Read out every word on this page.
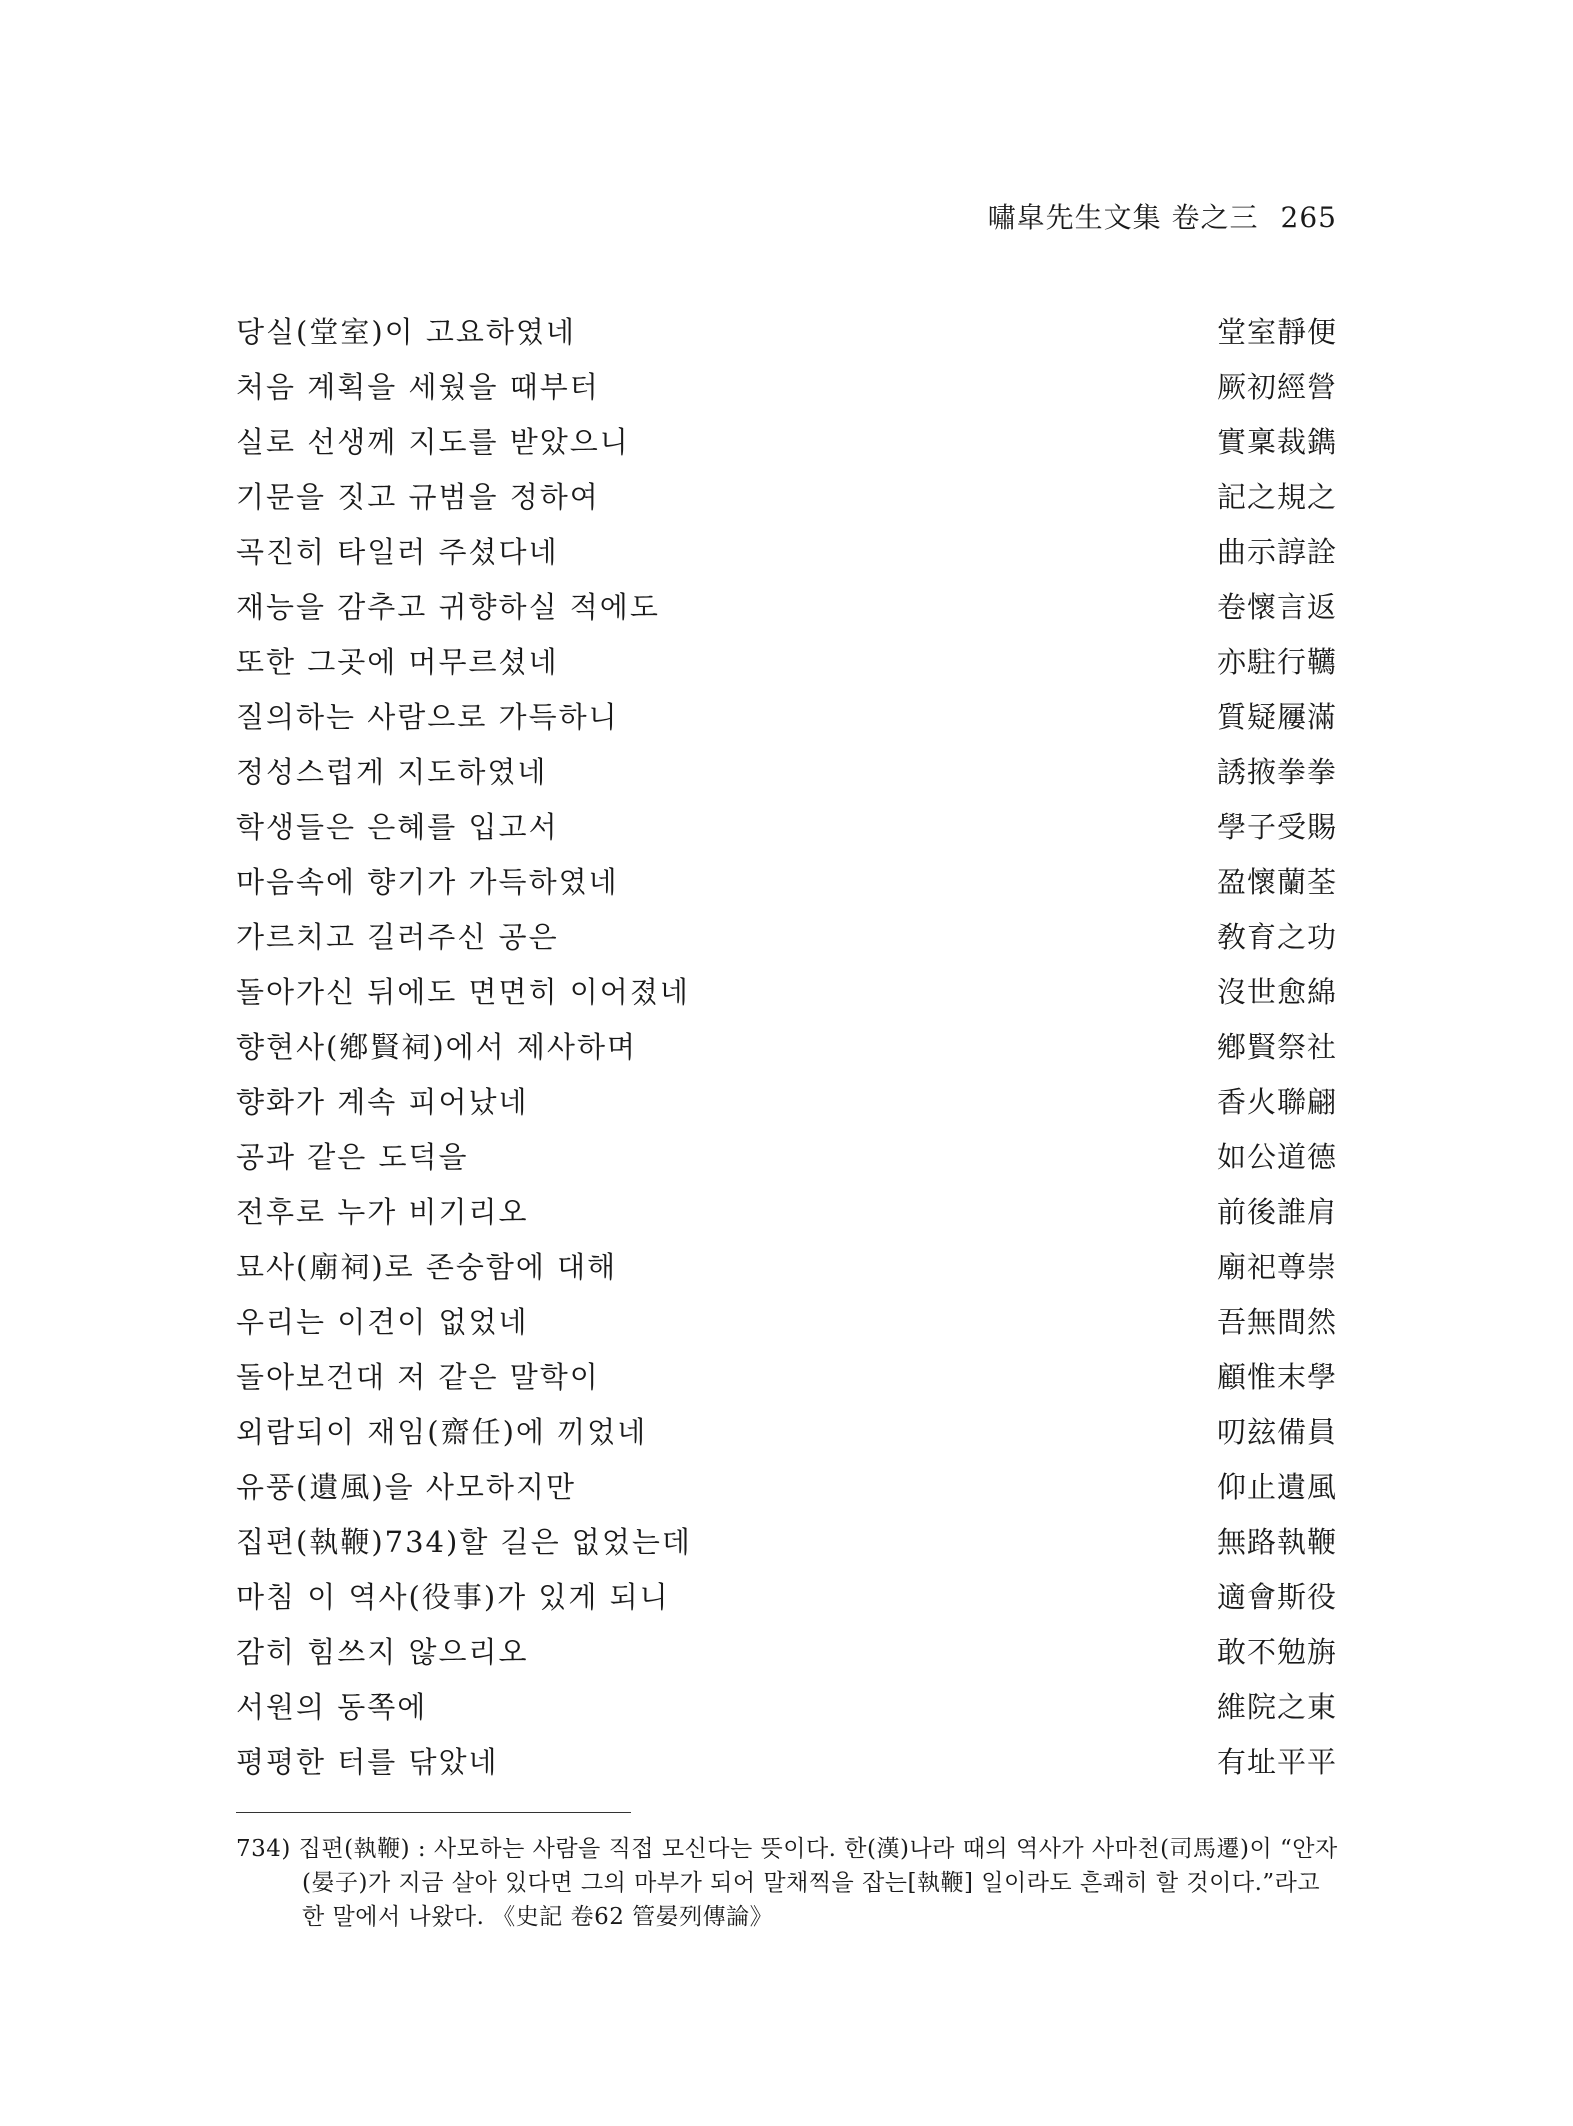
嘯皐先生文集 卷之三 265
당실(堂室)이 고요하였네	堂室靜便
처음 계획을 세웠을 때부터	厥初經營
실로 선생께 지도를 받았으니	實稟裁鐫
기문을 짓고 규범을 정하여	記之規之
곡진히 타일러 주셨다네	曲示諄詮
재능을 감추고 귀향하실 적에도	卷懷言返
또한 그곳에 머무르셨네	亦駐行韉
질의하는 사람으로 가득하니	質疑屨滿
정성스럽게 지도하였네	誘掖拳拳
학생들은 은혜를 입고서	學子受賜
마음속에 향기가 가득하였네	盈懷蘭荃
가르치고 길러주신 공은	敎育之功
돌아가신 뒤에도 면면히 이어졌네	沒世愈綿
향현사(鄕賢祠)에서 제사하며	鄕賢祭社
향화가 계속 피어났네	香火聯翩
공과 같은 도덕을	如公道德
전후로 누가 비기리오	前後誰肩
묘사(廟祠)로 존숭함에 대해	廟祀尊崇
우리는 이견이 없었네	吾無間然
돌아보건대 저 같은 말학이	顧惟末學
외람되이 재임(齋任)에 끼었네	叨玆備員
유풍(遺風)을 사모하지만	仰止遺風
집편(執鞭)734)할 길은 없었는데	無路執鞭
마침 이 역사(役事)가 있게 되니	適會斯役
감히 힘쓰지 않으리오	敢不勉旃
서원의 동쪽에	維院之東
평평한 터를 닦았네	有址平平
734) 집편(執鞭) : 사모하는 사람을 직접 모신다는 뜻이다. 한(漢)나라 때의 역사가 사마천(司馬遷)이 “안자
(晏子)가 지금 살아 있다면 그의 마부가 되어 말채찍을 잡는[執鞭] 일이라도 흔쾌히 할 것이다.”라고
한 말에서 나왔다. 《史記 卷62 管晏列傳論》
